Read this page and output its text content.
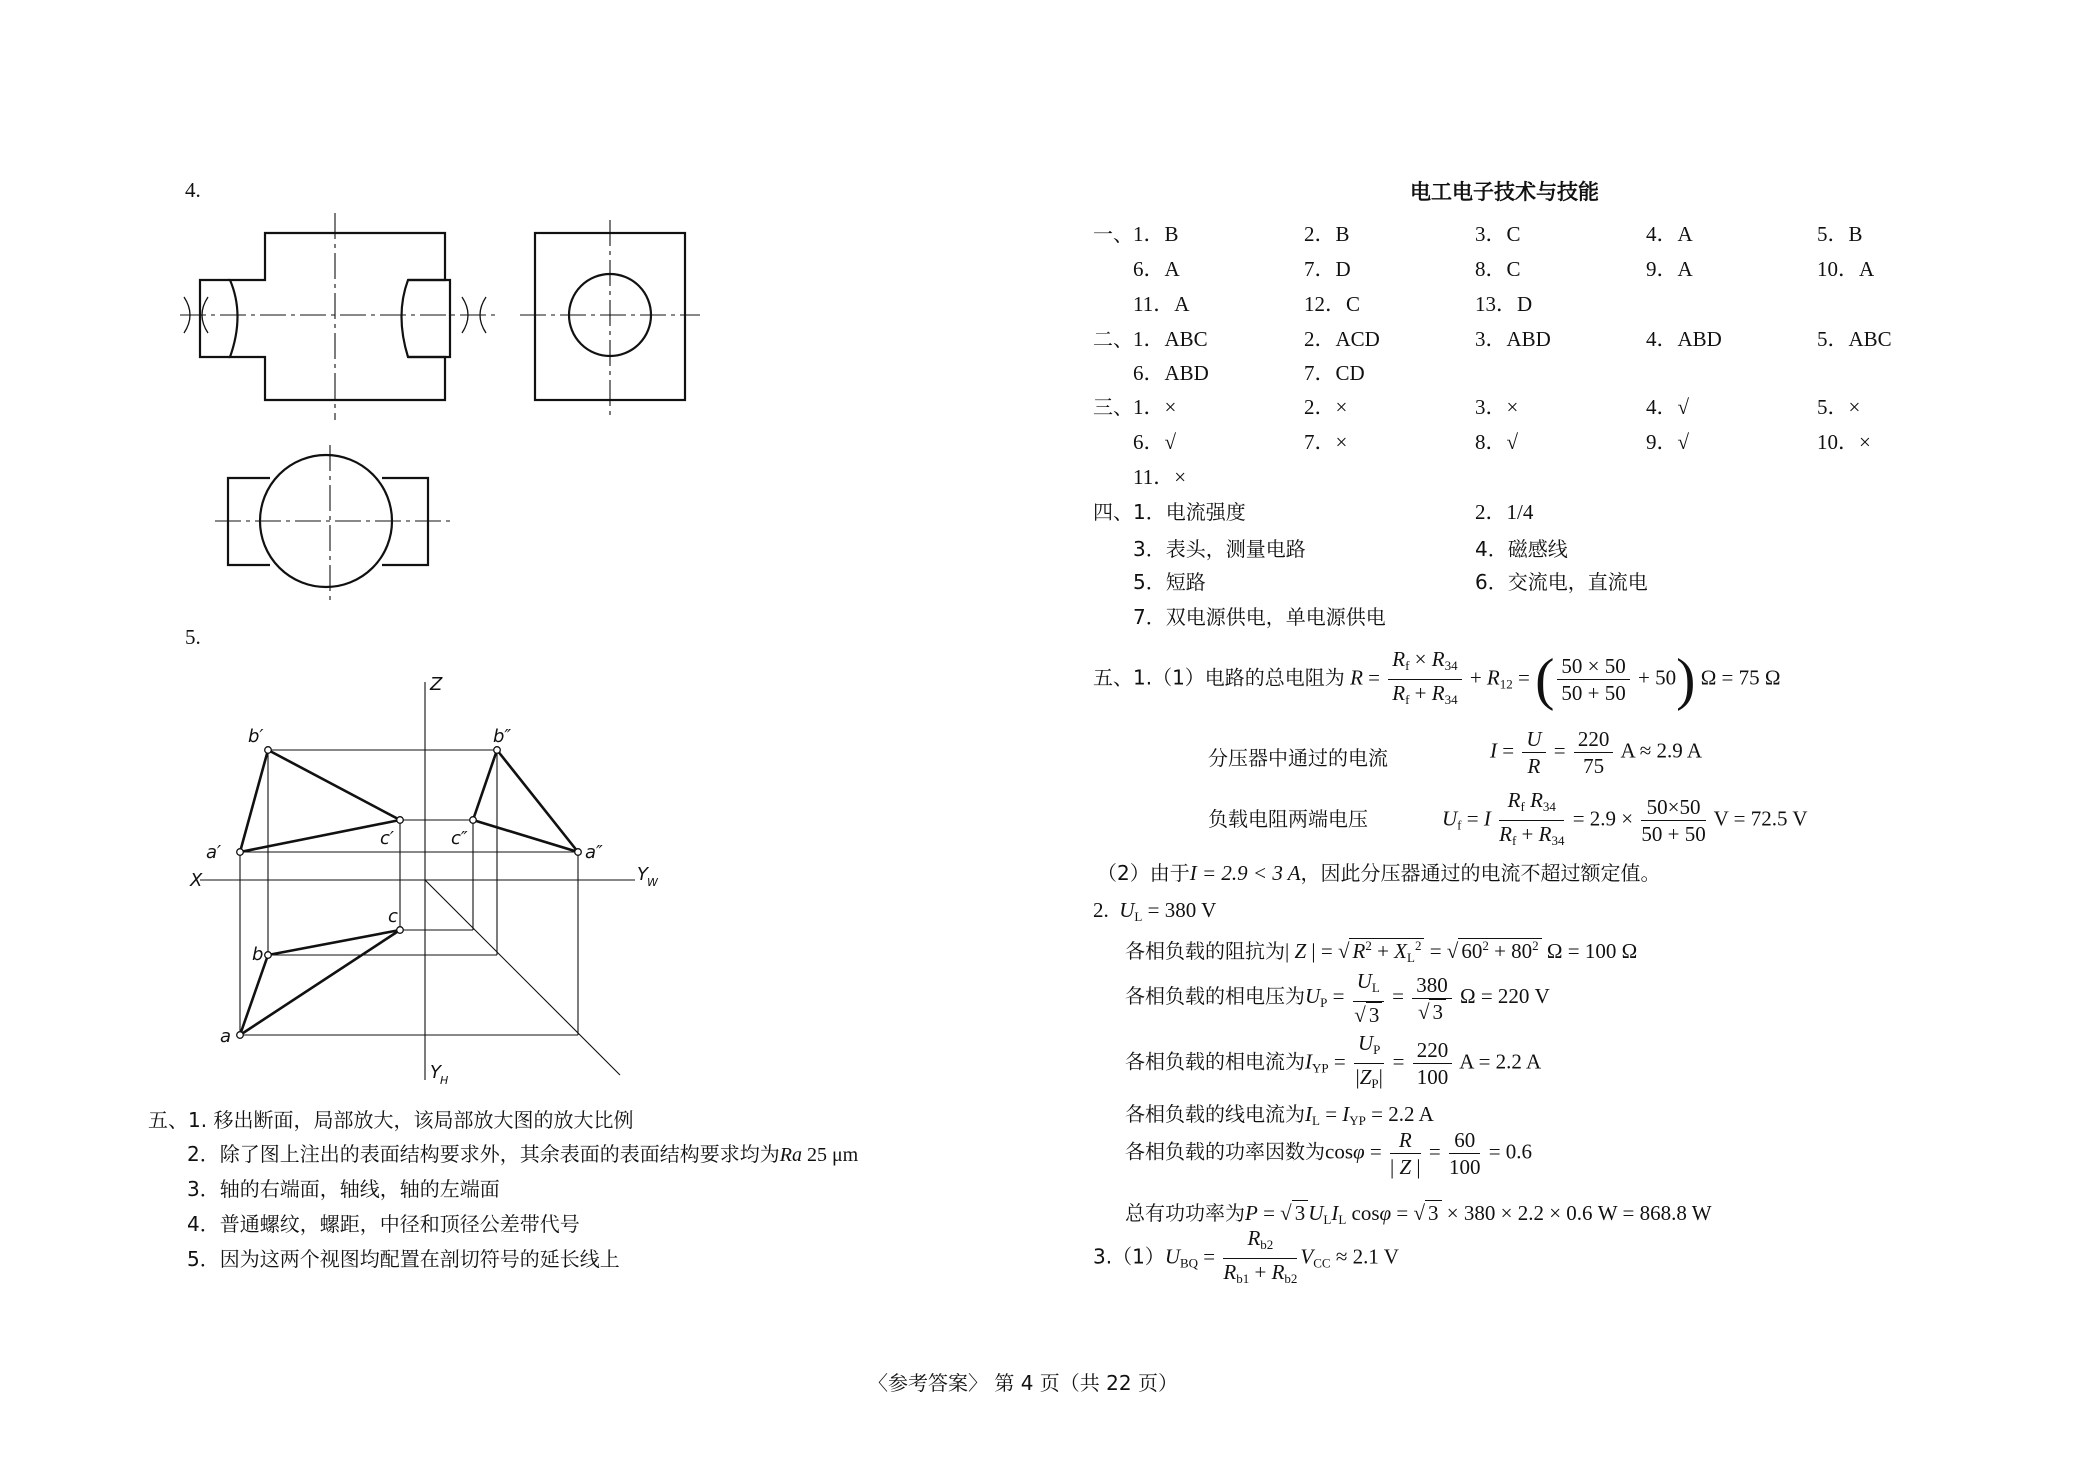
4.
5.
Z
X	Y W
Y H
b′	b″
a′	a″
c′	c″
b
c
a
五、1. 移出断面，局部放大，该局部放大图的放大比例
2．除了图上注出的表面结构要求外，其余表面的表面结构要求均为Ra 25 μm
3．轴的右端面，轴线，轴的左端面
4．普通螺纹，螺距，中径和顶径公差带代号
5．因为这两个视图均配置在剖切符号的延长线上
电工电子技术与技能
一、 1．B	2．B	3．C	4．A	5．B
6．A	7．D	8．C	9．A	10．A
11．A	12．C	13．D
二、 1．ABC	2．ACD	3．ABD	4．ABD	5．ABC
6．ABD	7．CD
三、 1．×	2．×	3．×	4．√	5．×
6．√	7．×	8．√	9．√	10．×
11．×
四、 1．电流强度	2．1/4
3．表头，测量电路	4．磁感线
5．短路	6．交流电，直流电
7．双电源供电，单电源供电
五、1.（1）电路的总电阻为 $R = \frac{R_f \times R_{34}}{R_f + R_{34}} + R_{12}$ = ( $\frac{50 \times 50}{50 + 50} + 50$) Ω = 75 Ω
分压器中通过的电流	$I = \frac{U}{R} = \frac{220}{75}$ A ≈ 2.9 A
负载电阻两端电压	$U_f = I \frac{R_f R_{34}}{R_f + R_{34}} = 2.9 \times \frac{50\times 50}{50 + 50}$ V = 72.5 V
（2）由于I = 2.9 < 3 A，因此分压器通过的电流不超过额定值。
2. $U_L = 380$ V
各相负载的阻抗为| Z | = √ $R^2 + X_L^2$ = √ $60^2 + 80^2$ Ω = 100 Ω
各相负载的相电压为$U_P = \frac{U_L}{√ 3} = \frac{380}{√ 3}$ Ω = 220 V
各相负载的相电流为$I_{YP} = \frac{U_P}{|Z_P|} = \frac{220}{100}$ A = 2.2 A
各相负载的线电流为$I_L = I_{YP} = 2.2$ A
各相负载的功率因数为$\cos\varphi = \frac{R}{| Z |} = \frac{60}{100} = 0.6$
总有功功率为P = √ 3 $U_LI_L$ cosφ = √ 3 × 380 × 2.2 × 0.6 W = 868.8 W
$3.(1)U_{BQ} = \frac{R_{b2}}{R_{b1} + R_{b2}} V_{CC} \approx 2.1$ V
〈参考答案〉 第 4 页（共 22 页）
